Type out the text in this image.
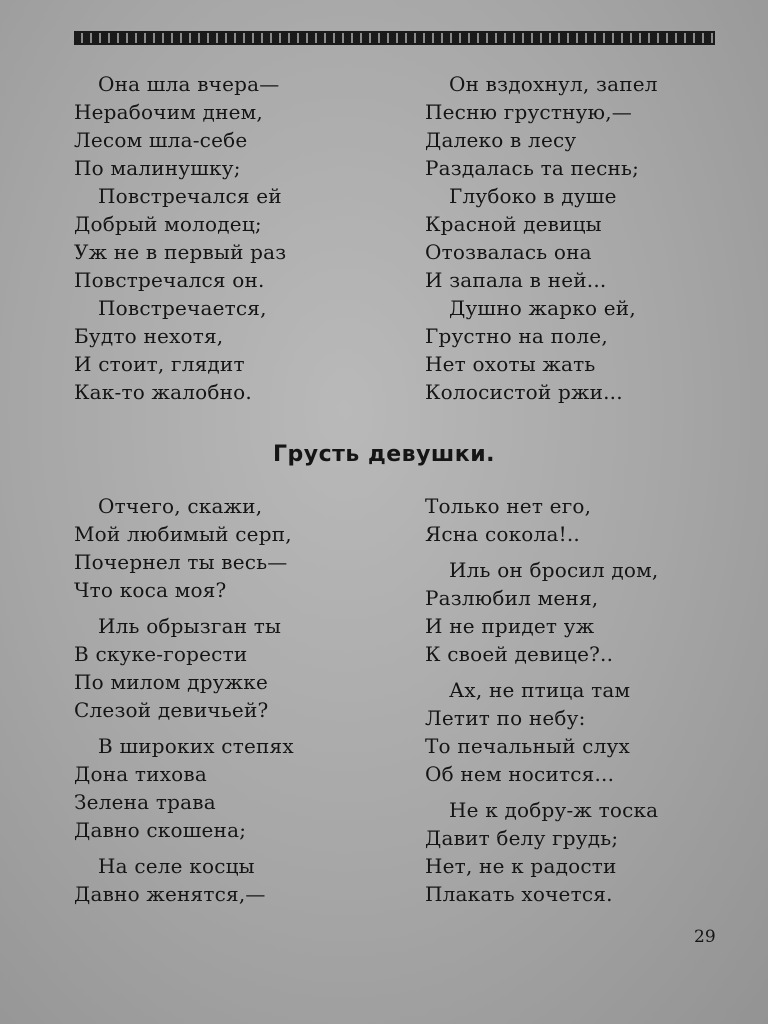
Она шла вчера—
Нерабочим днем,
Лесом шла-себе
По малинушку;
Повстречался ей
Добрый молодец;
Уж не в первый раз
Повстречался он.
Повстречается,
Будто нехотя,
И стоит, глядит
Как-то жалобно.
Он вздохнул, запел
Песню грустную,—
Далеко в лесу
Раздалась та песнь;
Глубоко в душе
Красной девицы
Отозвалась она
И запала в ней...
Душно жарко ей,
Грустно на поле,
Нет охоты жать
Колосистой ржи...
Грусть девушки.
Отчего, скажи,
Мой любимый серп,
Почернел ты весь—
Что коса моя?
Иль обрызган ты
В скуке-горести
По милом дружке
Слезой девичьей?
В широких степях
Дона тихова
Зелена трава
Давно скошена;
На селе косцы
Давно женятся,—
Только нет его,
Ясна сокола!..
Иль он бросил дом,
Разлюбил меня,
И не придет уж
К своей девице?..
Ах, не птица там
Летит по небу:
То печальный слух
Об нем носится...
Не к добру-ж тоска
Давит белу грудь;
Нет, не к радости
Плакать хочется.
29
